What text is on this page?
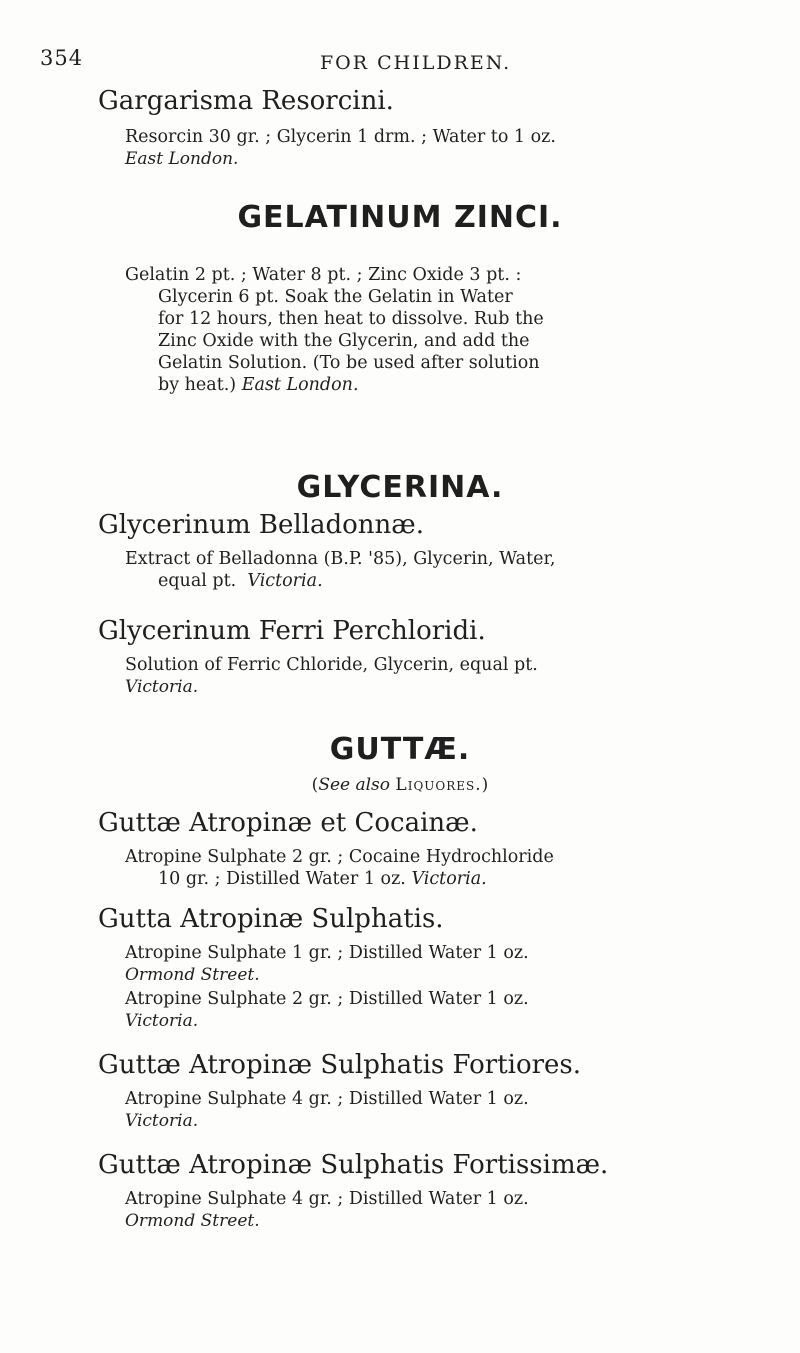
354	FOR CHILDREN.
Gargarisma Resorcini.
Resorcin 30 gr. ; Glycerin 1 drm. ; Water to 1 oz.
East London.
GELATINUM ZINCI.
Gelatin 2 pt. ; Water 8 pt. ; Zinc Oxide 3 pt. :
Glycerin 6 pt. Soak the Gelatin in Water
for 12 hours, then heat to dissolve. Rub the
Zinc Oxide with the Glycerin, and add the
Gelatin Solution. (To be used after solution
by heat.) East London.
GLYCERINA.
Glycerinum Belladonnæ.
Extract of Belladonna (B.P. '85), Glycerin, Water,
equal pt. Victoria.
Glycerinum Ferri Perchloridi.
Solution of Ferric Chloride, Glycerin, equal pt.
Victoria.
GUTTÆ.
(See also Liquores.)
Guttæ Atropinæ et Cocainæ.
Atropine Sulphate 2 gr. ; Cocaine Hydrochloride
10 gr. ; Distilled Water 1 oz. Victoria.
Gutta Atropinæ Sulphatis.
Atropine Sulphate 1 gr. ; Distilled Water 1 oz.
Ormond Street.
Atropine Sulphate 2 gr. ; Distilled Water 1 oz.
Victoria.
Guttæ Atropinæ Sulphatis Fortiores.
Atropine Sulphate 4 gr. ; Distilled Water 1 oz.
Victoria.
Guttæ Atropinæ Sulphatis Fortissimæ.
Atropine Sulphate 4 gr. ; Distilled Water 1 oz.
Ormond Street.
